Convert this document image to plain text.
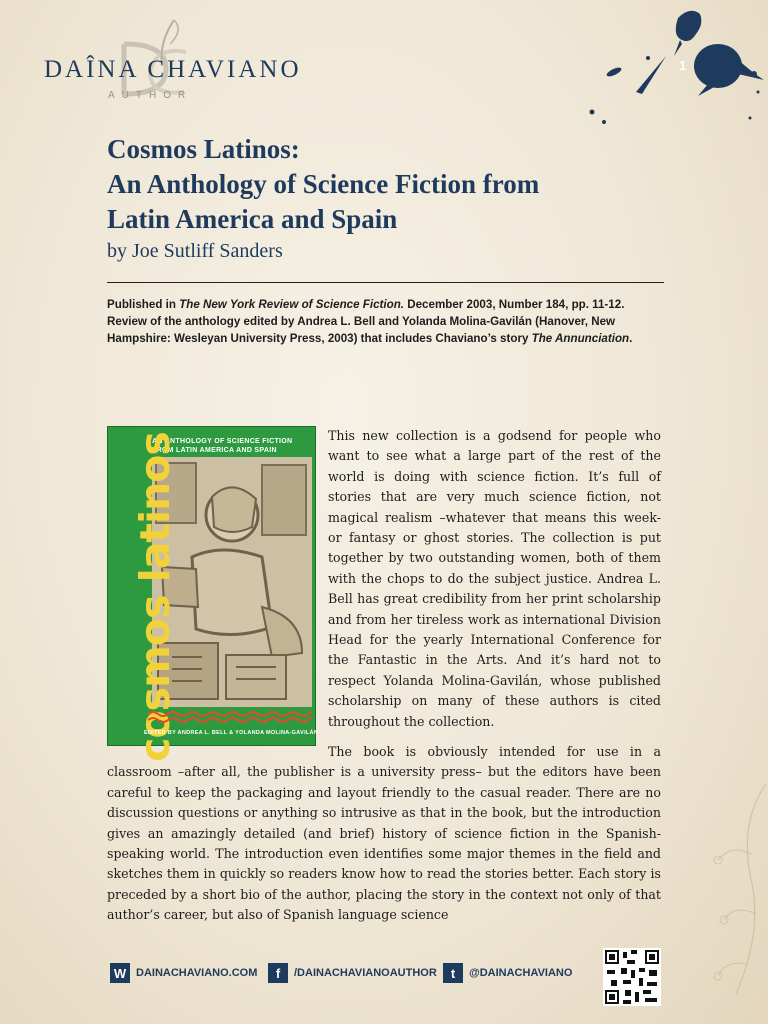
DAÎNA CHAVIANO
AUTHOR
1
Cosmos Latinos:
An Anthology of Science Fiction from
Latin America and Spain
by Joe Sutliff Sanders
Published in The New York Review of Science Fiction. December 2003, Number 184, pp. 11-12.
Review of the anthology edited by Andrea L. Bell and Yolanda Molina-Gavilán (Hanover, New Hampshire: Wesleyan University Press, 2003) that includes Chaviano’s story The Annunciation.
AN ANTHOLOGY OF SCIENCE FICTION
FROM LATIN AMERICA AND SPAIN
cosmos latinos
EDITED BY ANDREA L. BELL & YOLANDA MOLINA-GAVILÁN

This new collection is a godsend for people who want to see what a large part of the rest of the world is doing with science fiction. It’s full of stories that are very much science fiction, not magical realism –whatever that means this week- or fantasy or ghost stories. The collection is put together by two outstanding women, both of them with the chops to do the subject justice. Andrea L. Bell has great credibility from her print scholarship and from her tireless work as international Division Head for the yearly International Conference for the Fantastic in the Arts. And it’s hard not to respect Yolanda Molina-Gavilán, whose published scholarship on many of these authors is cited throughout the collection.

The book is obviously intended for use in a classroom –after all, the publisher is a university press– but the editors have been careful to keep the packaging and layout friendly to the casual reader. There are no discussion questions or anything so intrusive as that in the book, but the introduction gives an amazingly detailed (and brief) history of science fiction in the Spanish-speaking world. The introduction even identifies some major themes in the field and sketches them in quickly so readers know how to read the stories better. Each story is preceded by a short bio of the author, placing the story in the context not only of that author’s career, but also of Spanish language science

W DAINACHAVIANO.COM	f	/DAINACHAVIANOAUTHOR	t	@DAINACHAVIANO
